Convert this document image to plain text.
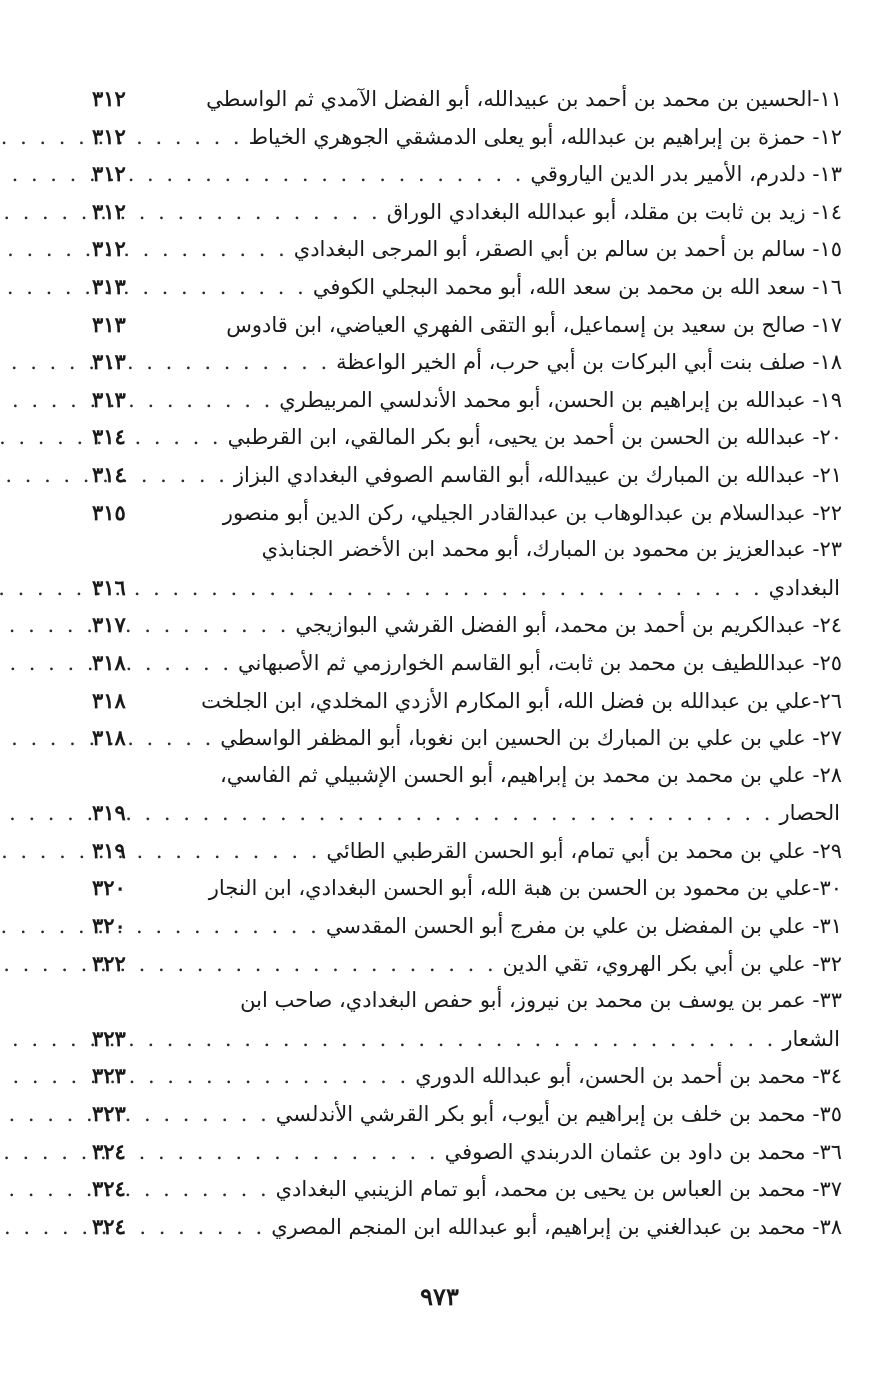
١١-الحسين بن محمد بن أحمد بن عبيدالله، أبو الفضل الآمدي ثم الواسطي
٣١٢
١٢- حمزة بن إبراهيم بن عبدالله، أبو يعلى الدمشقي الجوهري الخياط
. . .
٣١٢
١٣- دلدرم، الأمير بدر الدين الياروقي
. . .
٣١٢
١٤- زيد بن ثابت بن مقلد، أبو عبدالله البغدادي الوراق
. . .
٣١٢
١٥- سالم بن أحمد بن سالم بن أبي الصقر، أبو المرجى البغدادي
. . .
٣١٢
١٦- سعد الله بن محمد بن سعد الله، أبو محمد البجلي الكوفي
. . .
٣١٣
١٧- صالح بن سعيد بن إسماعيل، أبو التقى الفهري العياضي، ابن قادوس
٣١٣
١٨- صلف بنت أبي البركات بن أبي حرب، أم الخير الواعظة
. . .
٣١٣
١٩- عبدالله بن إبراهيم بن الحسن، أبو محمد الأندلسي المربيطري
. . .
٣١٣
٢٠- عبدالله بن الحسن بن أحمد بن يحيى، أبو بكر المالقي، ابن القرطبي
. . .
٣١٤
٢١- عبدالله بن المبارك بن عبيدالله، أبو القاسم الصوفي البغدادي البزاز
. . .
٣١٤
٢٢- عبدالسلام بن عبدالوهاب بن عبدالقادر الجيلي، ركن الدين أبو منصور
٣١٥
٢٣- عبدالعزيز بن محمود بن المبارك، أبو محمد ابن الأخضر الجنابذي
البغدادي
. . .
٣١٦
٢٤- عبدالكريم بن أحمد بن محمد، أبو الفضل القرشي البوازيجي
. . .
٣١٧
٢٥- عبداللطيف بن محمد بن ثابت، أبو القاسم الخوارزمي ثم الأصبهاني
. . .
٣١٨
٢٦-علي بن عبدالله بن فضل الله، أبو المكارم الأزدي المخلدي، ابن الجلخت
٣١٨
٢٧- علي بن علي بن المبارك بن الحسين ابن نغوبا، أبو المظفر الواسطي
. . .
٣١٨
٢٨- علي بن محمد بن محمد بن إبراهيم، أبو الحسن الإشبيلي ثم الفاسي،
الحصار
. . .
٣١٩
٢٩- علي بن محمد بن أبي تمام، أبو الحسن القرطبي الطائي
. . .
٣١٩
٣٠-علي بن محمود بن الحسن بن هبة الله، أبو الحسن البغدادي، ابن النجار
٣٢٠
٣١- علي بن المفضل بن علي بن مفرج أبو الحسن المقدسي
. . .
٣٢٠
٣٢- علي بن أبي بكر الهروي، تقي الدين
. . .
٣٢٢
٣٣- عمر بن يوسف بن محمد بن نيروز، أبو حفص البغدادي، صاحب ابن
الشعار
. . .
٣٢٣
٣٤- محمد بن أحمد بن الحسن، أبو عبدالله الدوري
. . .
٣٢٣
٣٥- محمد بن خلف بن إبراهيم بن أيوب، أبو بكر القرشي الأندلسي
. . .
٣٢٣
٣٦- محمد بن داود بن عثمان الدربندي الصوفي
. . .
٣٢٤
٣٧- محمد بن العباس بن يحيى بن محمد، أبو تمام الزينبي البغدادي
. . .
٣٢٤
٣٨- محمد بن عبدالغني بن إبراهيم، أبو عبدالله ابن المنجم المصري
. . .
٣٢٤
٩٧٣
